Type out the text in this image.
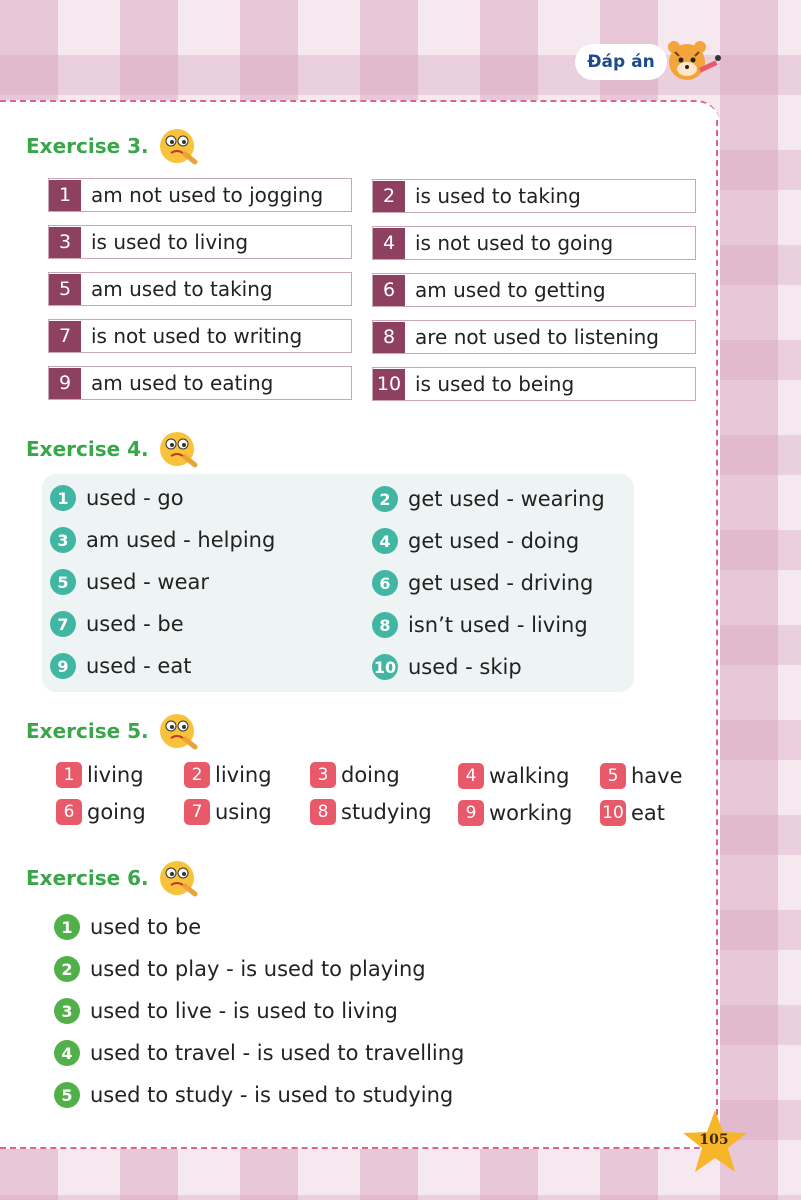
Đáp án
Exercise 3.
1 am not used to jogging	2 is used to taking
3 is used to living	4 is not used to going
5 am used to taking	6 am used to getting
7 is not used to writing	8 are not used to listening
9 am used to eating	10 is used to being
Exercise 4.
1 used - go	2 get used - wearing
3 am used - helping	4 get used - doing
5 used - wear	6 get used - driving
7 used - be	8 isn’t used - living
9 used - eat	10 used - skip
Exercise 5.
1 living	2 living	3 doing	4 walking	5 have
6 going	7 using	8 studying	9 working 10 eat
Exercise 6.
1 used to be
2 used to play - is used to playing
3 used to live - is used to living
4 used to travel - is used to travelling
5 used to study - is used to studying
105
